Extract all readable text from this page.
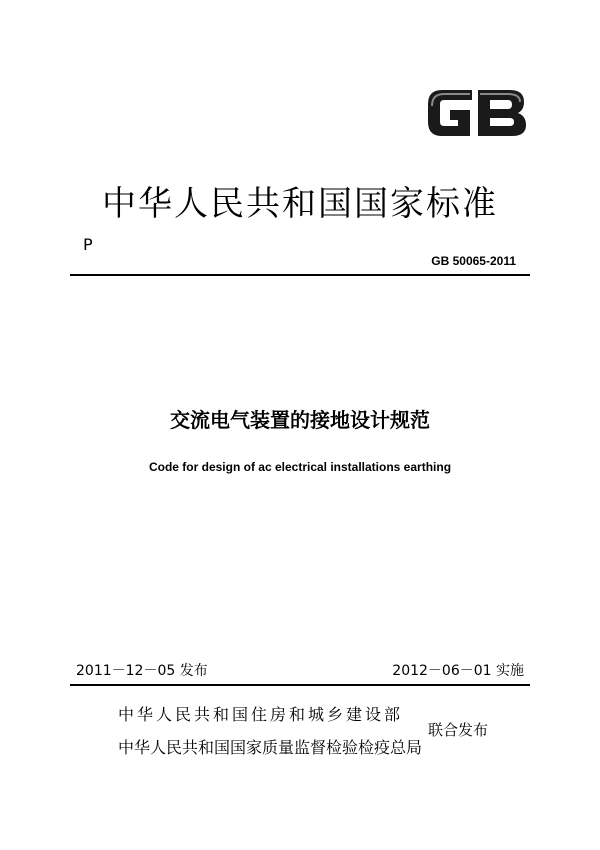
中华人民共和国国家标准
P
GB 50065-2011
交流电气装置的接地设计规范
Code for design of ac electrical installations earthing
2011－12－05 发布	2012－06－01 实施
中华人民共和国住房和城乡建设部
中华人民共和国国家质量监督检验检疫总局
联合发布
